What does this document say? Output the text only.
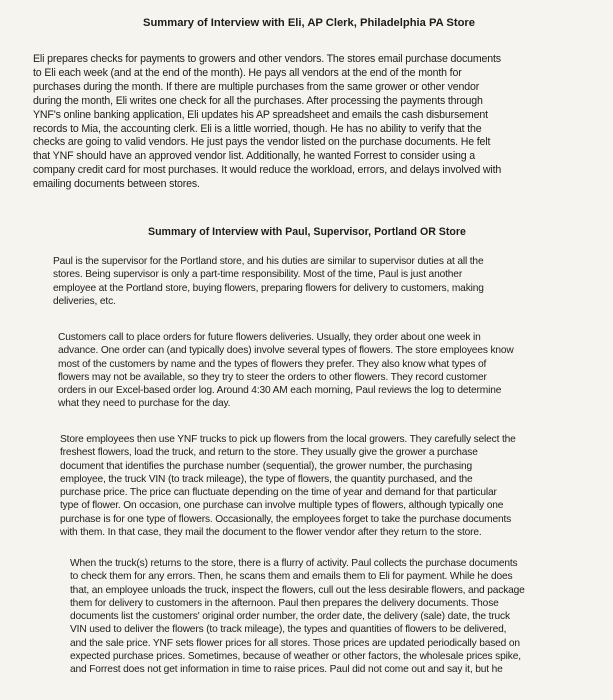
Summary of Interview with Eli, AP Clerk, Philadelphia PA Store
Eli prepares checks for payments to growers and other vendors. The stores email purchase documents
to Eli each week (and at the end of the month). He pays all vendors at the end of the month for
purchases during the month. If there are multiple purchases from the same grower or other vendor
during the month, Eli writes one check for all the purchases. After processing the payments through
YNF's online banking application, Eli updates his AP spreadsheet and emails the cash disbursement
records to Mia, the accounting clerk. Eli is a little worried, though. He has no ability to verify that the
checks are going to valid vendors. He just pays the vendor listed on the purchase documents. He felt
that YNF should have an approved vendor list. Additionally, he wanted Forrest to consider using a
company credit card for most purchases. It would reduce the workload, errors, and delays involved with
emailing documents between stores.
Summary of Interview with Paul, Supervisor, Portland OR Store
Paul is the supervisor for the Portland store, and his duties are similar to supervisor duties at all the
stores. Being supervisor is only a part-time responsibility. Most of the time, Paul is just another
employee at the Portland store, buying flowers, preparing flowers for delivery to customers, making
deliveries, etc.
Customers call to place orders for future flowers deliveries. Usually, they order about one week in
advance. One order can (and typically does) involve several types of flowers. The store employees know
most of the customers by name and the types of flowers they prefer. They also know what types of
flowers may not be available, so they try to steer the orders to other flowers. They record customer
orders in our Excel-based order log. Around 4:30 AM each morning, Paul reviews the log to determine
what they need to purchase for the day.
Store employees then use YNF trucks to pick up flowers from the local growers. They carefully select the
freshest flowers, load the truck, and return to the store. They usually give the grower a purchase
document that identifies the purchase number (sequential), the grower number, the purchasing
employee, the truck VIN (to track mileage), the type of flowers, the quantity purchased, and the
purchase price. The price can fluctuate depending on the time of year and demand for that particular
type of flower. On occasion, one purchase can involve multiple types of flowers, although typically one
purchase is for one type of flowers. Occasionally, the employees forget to take the purchase documents
with them. In that case, they mail the document to the flower vendor after they return to the store.
When the truck(s) returns to the store, there is a flurry of activity. Paul collects the purchase documents
to check them for any errors. Then, he scans them and emails them to Eli for payment. While he does
that, an employee unloads the truck, inspect the flowers, cull out the less desirable flowers, and package
them for delivery to customers in the afternoon. Paul then prepares the delivery documents. Those
documents list the customers' original order number, the order date, the delivery (sale) date, the truck
VIN used to deliver the flowers (to track mileage), the types and quantities of flowers to be delivered,
and the sale price. YNF sets flower prices for all stores. Those prices are updated periodically based on
expected purchase prices. Sometimes, because of weather or other factors, the wholesale prices spike,
and Forrest does not get information in time to raise prices. Paul did not come out and say it, but he
